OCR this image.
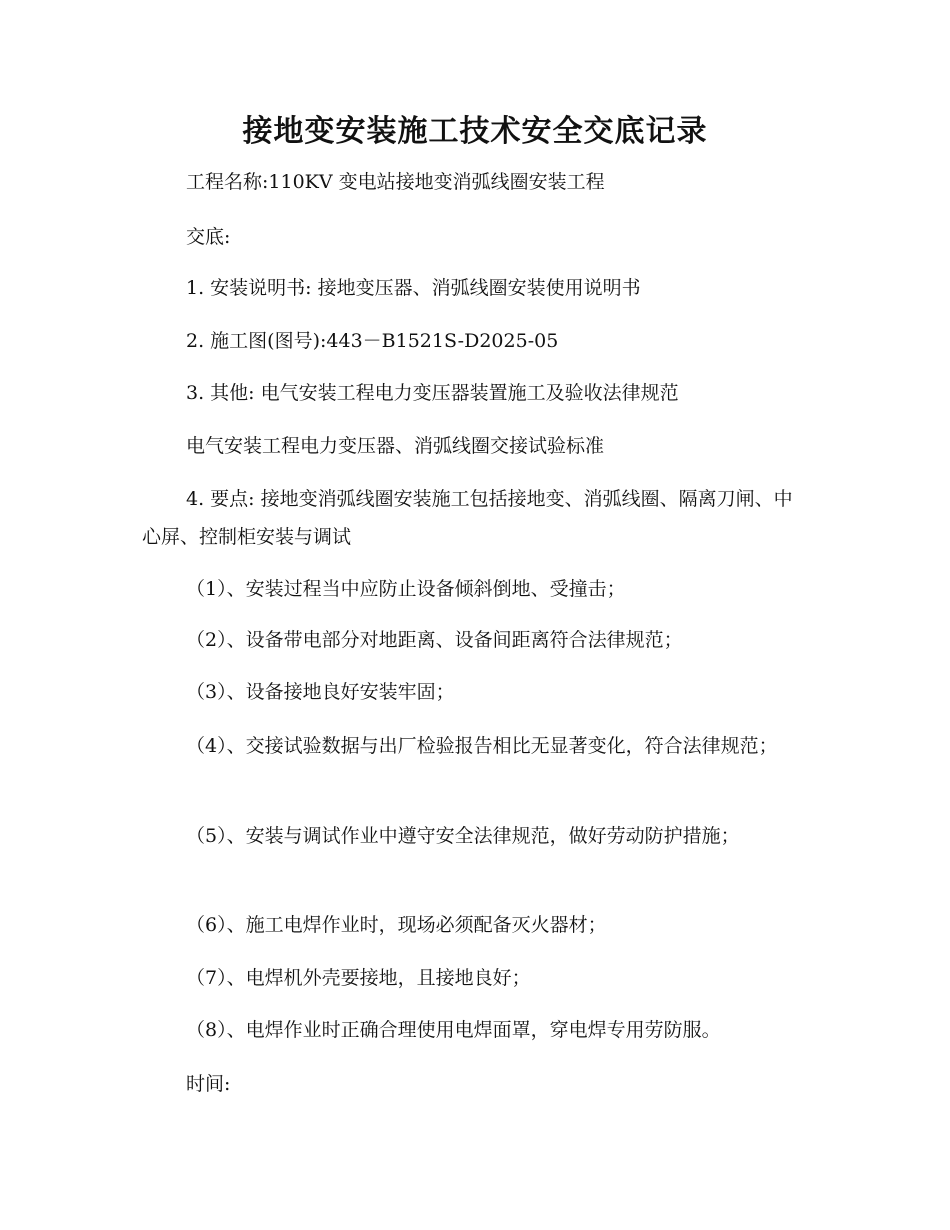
接地变安装施工技术安全交底记录
工程名称:110KV 变电站接地变消弧线圈安装工程
交底:
1. 安装说明书: 接地变压器、消弧线圈安装使用说明书
2. 施工图(图号):443－B1521S-D2025-05
3. 其他: 电气安装工程电力变压器装置施工及验收法律规范
电气安装工程电力变压器、消弧线圈交接试验标准
4. 要点: 接地变消弧线圈安装施工包括接地变、消弧线圈、隔离刀闸、中心屏、控制柜安装与调试
（1）、安装过程当中应防止设备倾斜倒地、受撞击；
（2）、设备带电部分对地距离、设备间距离符合法律规范；
（3）、设备接地良好安装牢固；
（4）、交接试验数据与出厂检验报告相比无显著变化，符合法律规范；
（5）、安装与调试作业中遵守安全法律规范，做好劳动防护措施；
（6）、施工电焊作业时，现场必须配备灭火器材；
（7）、电焊机外壳要接地，且接地良好；
（8）、电焊作业时正确合理使用电焊面罩，穿电焊专用劳防服。
时间:
